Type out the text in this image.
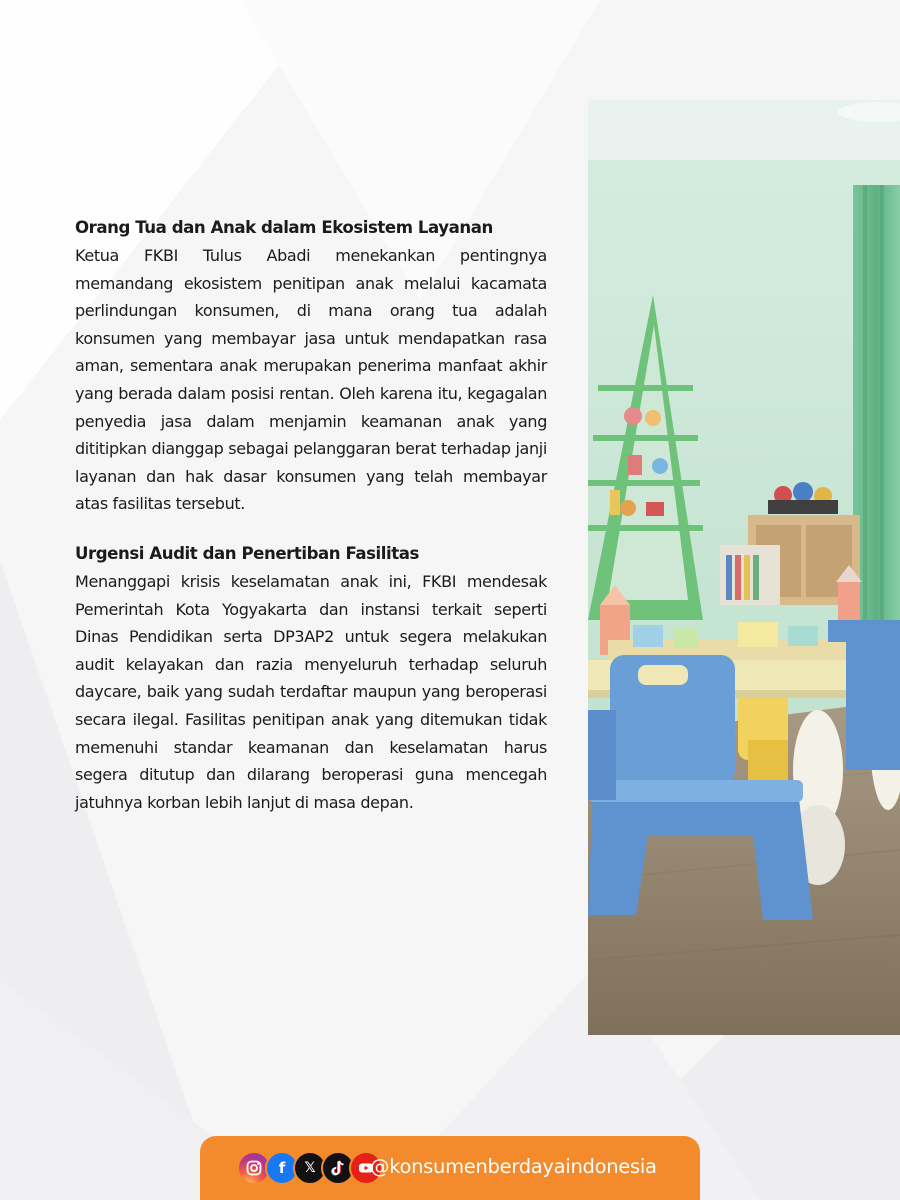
Orang Tua dan Anak dalam Ekosistem Layanan
Ketua FKBI Tulus Abadi menekankan pentingnya memandang ekosistem penitipan anak melalui kacamata perlindungan konsumen, di mana orang tua adalah konsumen yang membayar jasa untuk mendapatkan rasa aman, sementara anak merupakan penerima manfaat akhir yang berada dalam posisi rentan. Oleh karena itu, kegagalan penyedia jasa dalam menjamin keamanan anak yang dititipkan dianggap sebagai pelanggaran berat terhadap janji layanan dan hak dasar konsumen yang telah membayar atas fasilitas tersebut.
Urgensi Audit dan Penertiban Fasilitas
Menanggapi krisis keselamatan anak ini, FKBI mendesak Pemerintah Kota Yogyakarta dan instansi terkait seperti Dinas Pendidikan serta DP3AP2 untuk segera melakukan audit kelayakan dan razia menyeluruh terhadap seluruh daycare, baik yang sudah terdaftar maupun yang beroperasi secara ilegal. Fasilitas penitipan anak yang ditemukan tidak memenuhi standar keamanan dan keselamatan harus segera ditutup dan dilarang beroperasi guna mencegah jatuhnya korban lebih lanjut di masa depan.
f	𝕏	@konsumenberdayaindonesia
